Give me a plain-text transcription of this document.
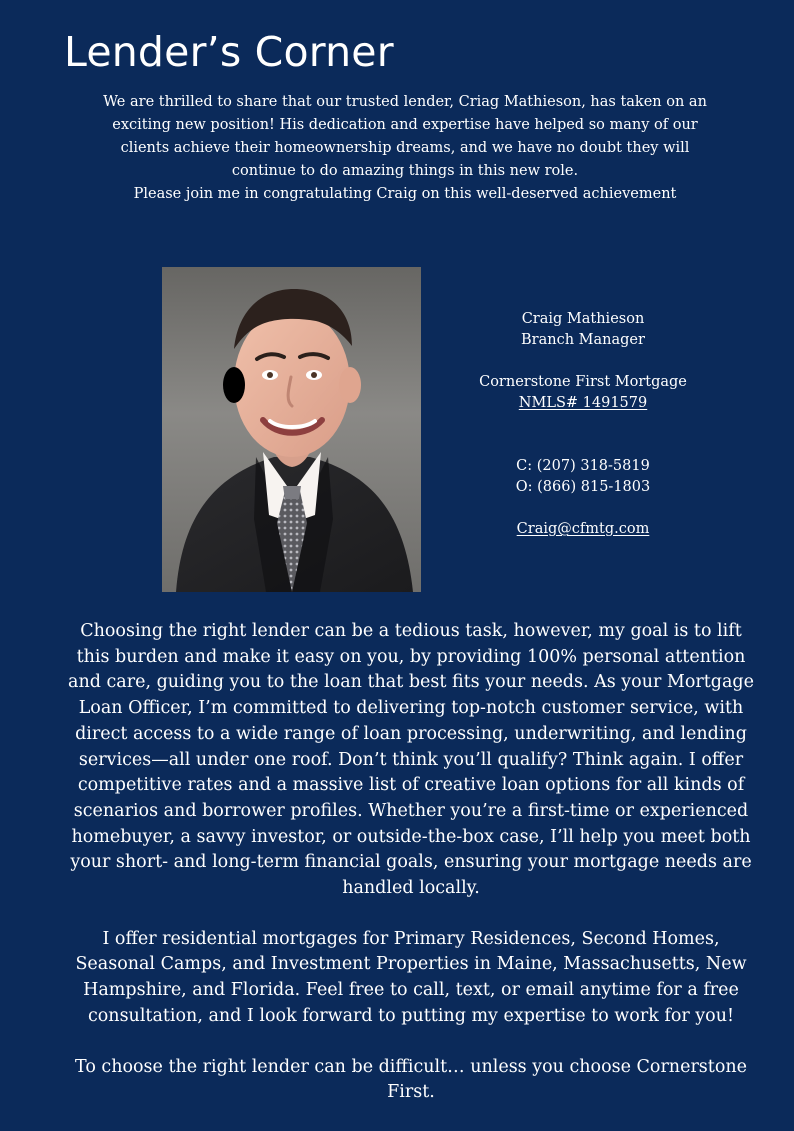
Lender’s Corner

We are thrilled to share that our trusted lender, Criag Mathieson, has taken on an exciting new position! His dedication and expertise have helped so many of our clients achieve their homeownership dreams, and we have no doubt they will continue to do amazing things in this new role.

Please join me in congratulating Craig on this well-deserved achievement

Craig Mathieson
Branch Manager
Cornerstone First Mortgage
NMLS# 1491579
C: (207) 318-5819
O: (866) 815-1803
Craig@cfmtg.com

Choosing the right lender can be a tedious task, however, my goal is to lift this burden and make it easy on you, by providing 100% personal attention and care, guiding you to the loan that best fits your needs. As your Mortgage Loan Officer, I’m committed to delivering top-notch customer service, with direct access to a wide range of loan processing, underwriting, and lending services—all under one roof. Don’t think you’ll qualify? Think again. I offer competitive rates and a massive list of creative loan options for all kinds of scenarios and borrower profiles. Whether you’re a first-time or experienced homebuyer, a savvy investor, or outside-the-box case, I’ll help you meet both your short- and long-term financial goals, ensuring your mortgage needs are handled locally.

I offer residential mortgages for Primary Residences, Second Homes, Seasonal Camps, and Investment Properties in Maine, Massachusetts, New Hampshire, and Florida. Feel free to call, text, or email anytime for a free consultation, and I look forward to putting my expertise to work for you!

To choose the right lender can be difficult… unless you choose Cornerstone First.
